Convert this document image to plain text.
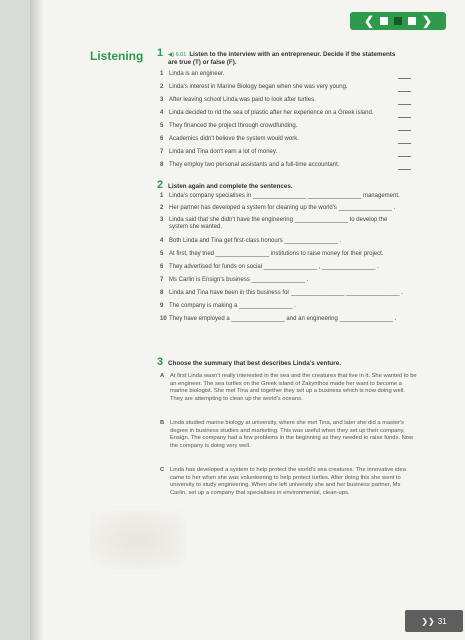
❮	❯
Listening	1 ◀) 6.01 Listen to the interview with an entrepreneur. Decide if the statements
are true (T) or false (F).
1 Linda is an engineer.
2 Linda's interest in Marine Biology began when she was very young.
3 After leaving school Linda was paid to look after turtles.
4 Linda decided to rid the sea of plastic after her experience on a Greek island.
5 They financed the project through crowdfunding.
6 Academics didn't believe the system would work.
7 Linda and Tina don't earn a lot of money.
8 They employ two personal assistants and a full-time accountant.
2 Listen again and complete the sentences.
1 Linda's company specialises in ________________ ________________ management.
2 Her partner has developed a system for cleaning up the world's ________________ .
3 Linda said that she didn't have the engineering ________________ to develop the
system she wanted.
4 Both Linda and Tina get first-class honours ________________ .
5 At first, they tried ________________ institutions to raise money for their project.
6 They advertised for funds on social ________________ , ________________ .
7 Ms Carlin is Ensign's business ________________ .
8 Linda and Tina have been in this business for ________________ ________________ .
9 The company is making a ________________ .
10 They have employed a ________________ and an engineering ________________ .
3 Choose the summary that best describes Linda's venture.
A At first Linda wasn't really interested in the sea and the creatures that live in it. She wanted to be an engineer. The sea turtles on the Greek island of Zakynthos made her want to become a marine biologist. She met Tina and together they set up a business which is now doing well. They are attempting to clean up the world's oceans.
B Linda studied marine biology at university, where she met Tina, and later she did a master's degree in business studies and marketing. This was useful when they set up their company, Ensign. The company had a few problems in the beginning as they needed to raise funds. Now the company is doing very well.
C Linda has developed a system to help protect the world's sea creatures. The innovative idea came to her when she was volunteering to help protect turtles. After doing this she went to university to study engineering. When she left university she and her business partner, Ms Carlin, set up a company that specialises in environmental, clean-ups.
❯❯ 31
